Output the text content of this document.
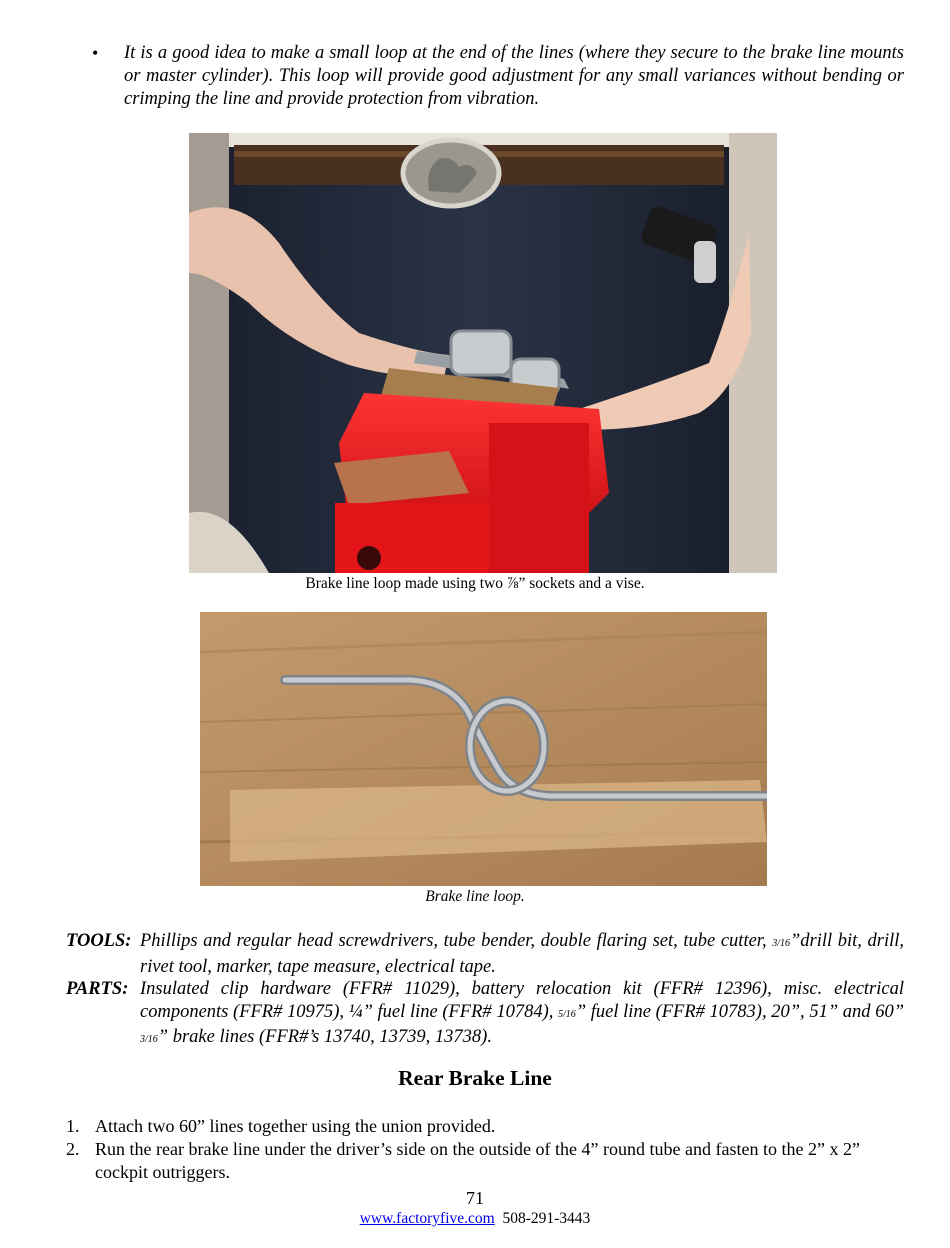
•	It is a good idea to make a small loop at the end of the lines (where they secure to the brake line mounts or master cylinder). This loop will provide good adjustment for any small variances without bending or crimping the line and provide protection from vibration.
Brake line loop made using two ⅞” sockets and a vise.
Brake line loop.
TOOLS: Phillips and regular head screwdrivers, tube bender, double flaring set, tube cutter, 3/16”drill bit, drill, rivet tool, marker, tape measure, electrical tape.
PARTS: Insulated clip hardware (FFR# 11029), battery relocation kit (FFR# 12396), misc. electrical components (FFR# 10975), ¼” fuel line (FFR# 10784), 5/16” fuel line (FFR# 10783), 20”, 51” and 60” 3/16” brake lines (FFR#’s 13740, 13739, 13738).
Rear Brake Line
1. Attach two 60” lines together using the union provided.
2. Run the rear brake line under the driver’s side on the outside of the 4” round tube and fasten to the 2” x 2” cockpit outriggers.
71
www.factoryfive.com 508-291-3443
